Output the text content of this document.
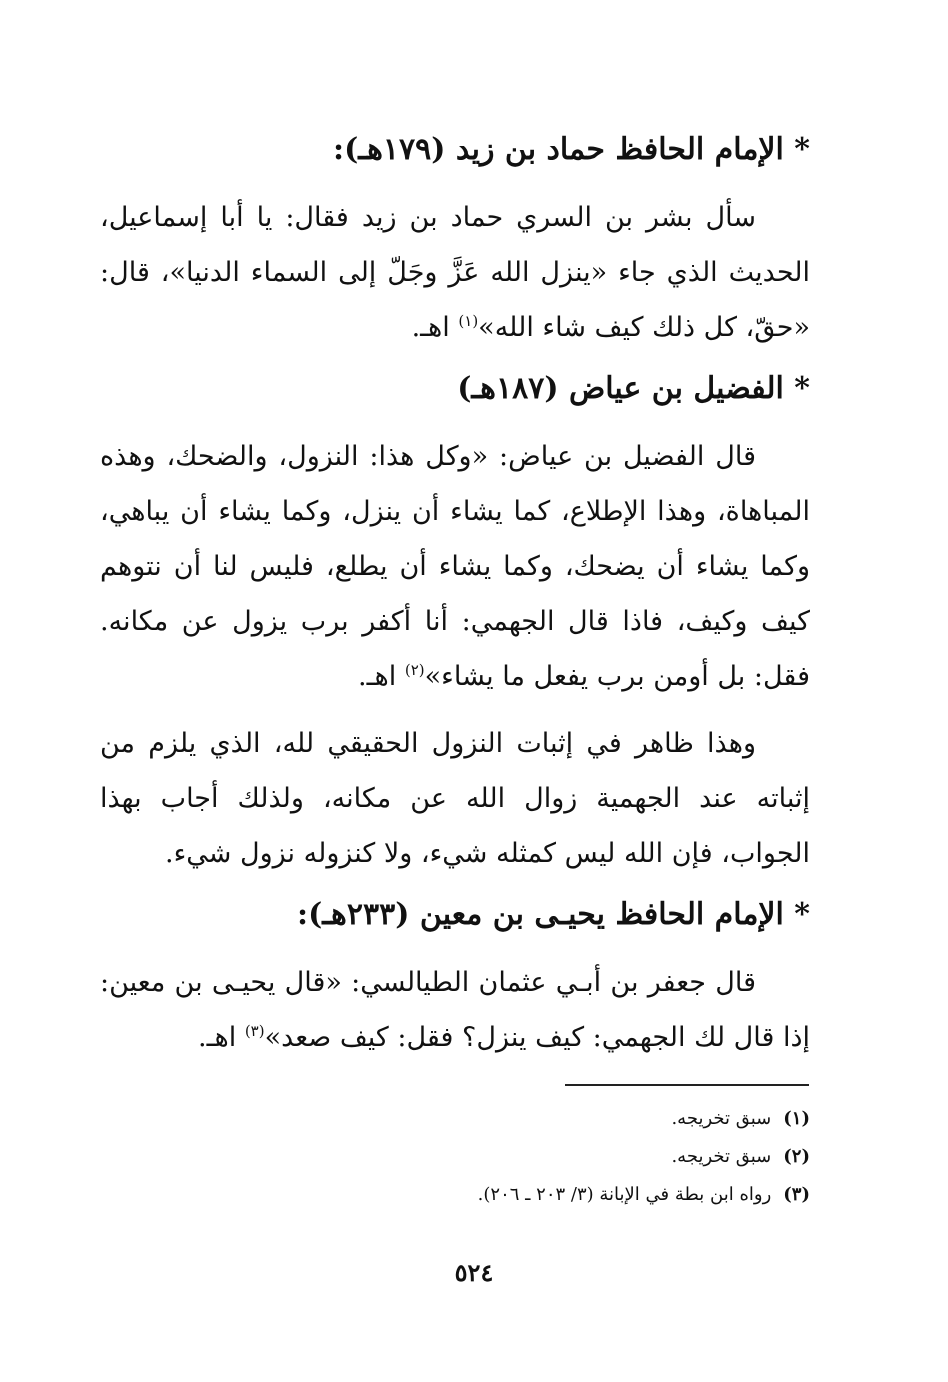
* الإمام الحافظ حماد بن زيد (١٧٩هـ):

سأل بشر بن السري حماد بن زيد فقال: يا أبا إسماعيل، الحديث الذي جاء «ينزل الله عَزَّ وجَلّ إلى السماء الدنيا»، قال: «حقّ، كل ذلك كيف شاء الله»$^{(١)}$ اهـ.

* الفضيل بن عياض (١٨٧هـ)

قال الفضيل بن عياض: «وكل هذا: النزول، والضحك، وهذه المباهاة، وهذا الإطلاع، كما يشاء أن ينزل، وكما يشاء أن يباهي، وكما يشاء أن يضحك، وكما يشاء أن يطلع، فليس لنا أن نتوهم كيف وكيف، فاذا قال الجهمي: أنا أكفر برب يزول عن مكانه. فقل: بل أومن برب يفعل ما يشاء»$^{(٢)}$ اهـ.

وهذا ظاهر في إثبات النزول الحقيقي لله، الذي يلزم من إثباته عند الجهمية زوال الله عن مكانه، ولذلك أجاب بهذا الجواب، فإن الله ليس كمثله شيء، ولا كنزوله نزول شيء.

* الإمام الحافظ يحيـى بن معين (٢٣٣هـ):

قال جعفر بن أبـي عثمان الطيالسي: «قال يحيـى بن معين: إذا قال لك الجهمي: كيف ينزل؟ فقل: كيف صعد»$^{(٣)}$ اهـ.

(١)سبق تخريجه.
(٢)سبق تخريجه.
(٣)رواه ابن بطة في الإبانة (٣/ ٢٠٣ ـ ٢٠٦).
٥٢٤
